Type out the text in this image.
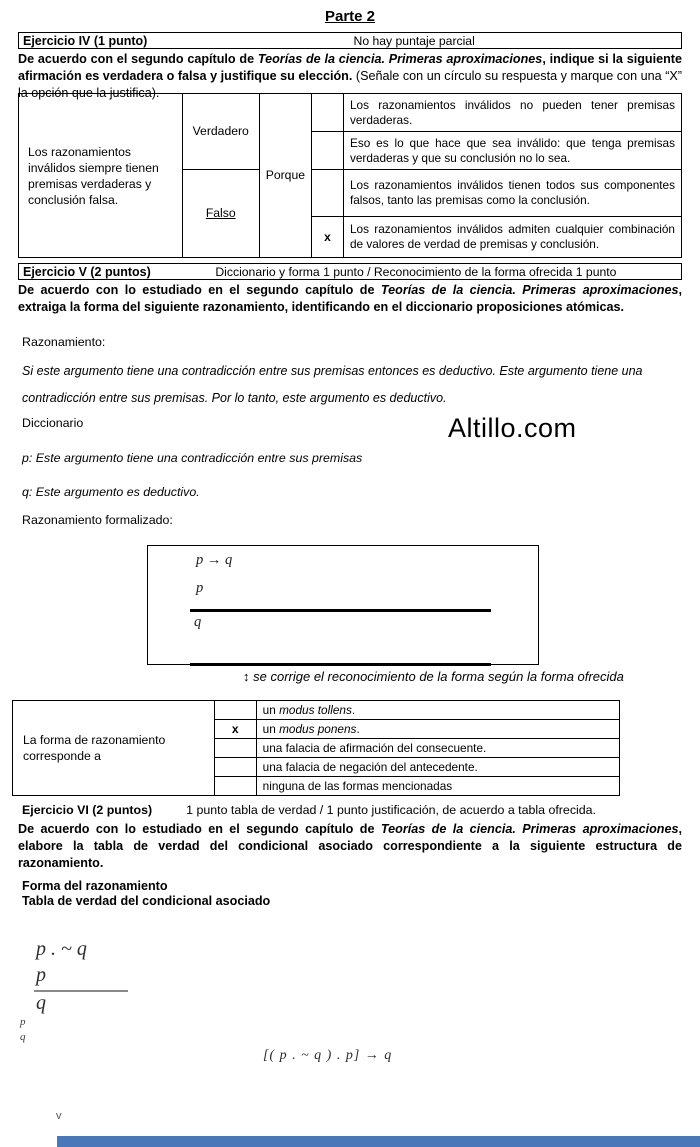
Parte 2
Ejercicio IV (1 punto)	No hay puntaje parcial
De acuerdo con el segundo capítulo de Teorías de la ciencia. Primeras aproximaciones, indique si la siguiente afirmación es verdadera o falsa y justifique su elección. (Señale con un círculo su respuesta y marque con una “X” la opción que la justifica).
Los razonamientos inválidos siempre tienen premisas verdaderas y conclusión falsa.	Verdadero	Porque		Los razonamientos inválidos no pueden tener premisas verdaderas.
				Eso es lo que hace que sea inválido: que tenga premisas verdaderas y que su conclusión no lo sea.
	Falso			Los razonamientos inválidos tienen todos sus componentes falsos, tanto las premisas como la conclusión.
			x	Los razonamientos inválidos admiten cualquier combinación de valores de verdad de premisas y conclusión.
Ejercicio V (2 puntos)	Diccionario y forma 1 punto / Reconocimiento de la forma ofrecida 1 punto
De acuerdo con lo estudiado en el segundo capítulo de Teorías de la ciencia. Primeras aproximaciones, extraiga la forma del siguiente razonamiento, identificando en el diccionario proposiciones atómicas.
Razonamiento:
Si este argumento tiene una contradicción entre sus premisas entonces es deductivo. Este argumento tiene una contradicción entre sus premisas. Por lo tanto, este argumento es deductivo.
Diccionario	Altillo.com
p: Este argumento tiene una contradicción entre sus premisas
q: Este argumento es deductivo.
Razonamiento formalizado:
p → q
p
q
↕ se corrige el reconocimiento de la forma según la forma ofrecida
La forma de razonamiento corresponde a		un modus tollens.
	x	un modus ponens.
		una falacia de afirmación del consecuente.
		una falacia de negación del antecedente.
		ninguna de las formas mencionadas
Ejercicio VI (2 puntos)	1 punto tabla de verdad / 1 punto justificación, de acuerdo a tabla ofrecida.
De acuerdo con lo estudiado en el segundo capítulo de Teorías de la ciencia. Primeras aproximaciones, elabore la tabla de verdad del condicional asociado correspondiente a la siguiente estructura de razonamiento.
Forma del razonamiento
Tabla de verdad del condicional asociado
p . ~ q
p
q
p
q
[( p . ~ q ) . p] → q
v
